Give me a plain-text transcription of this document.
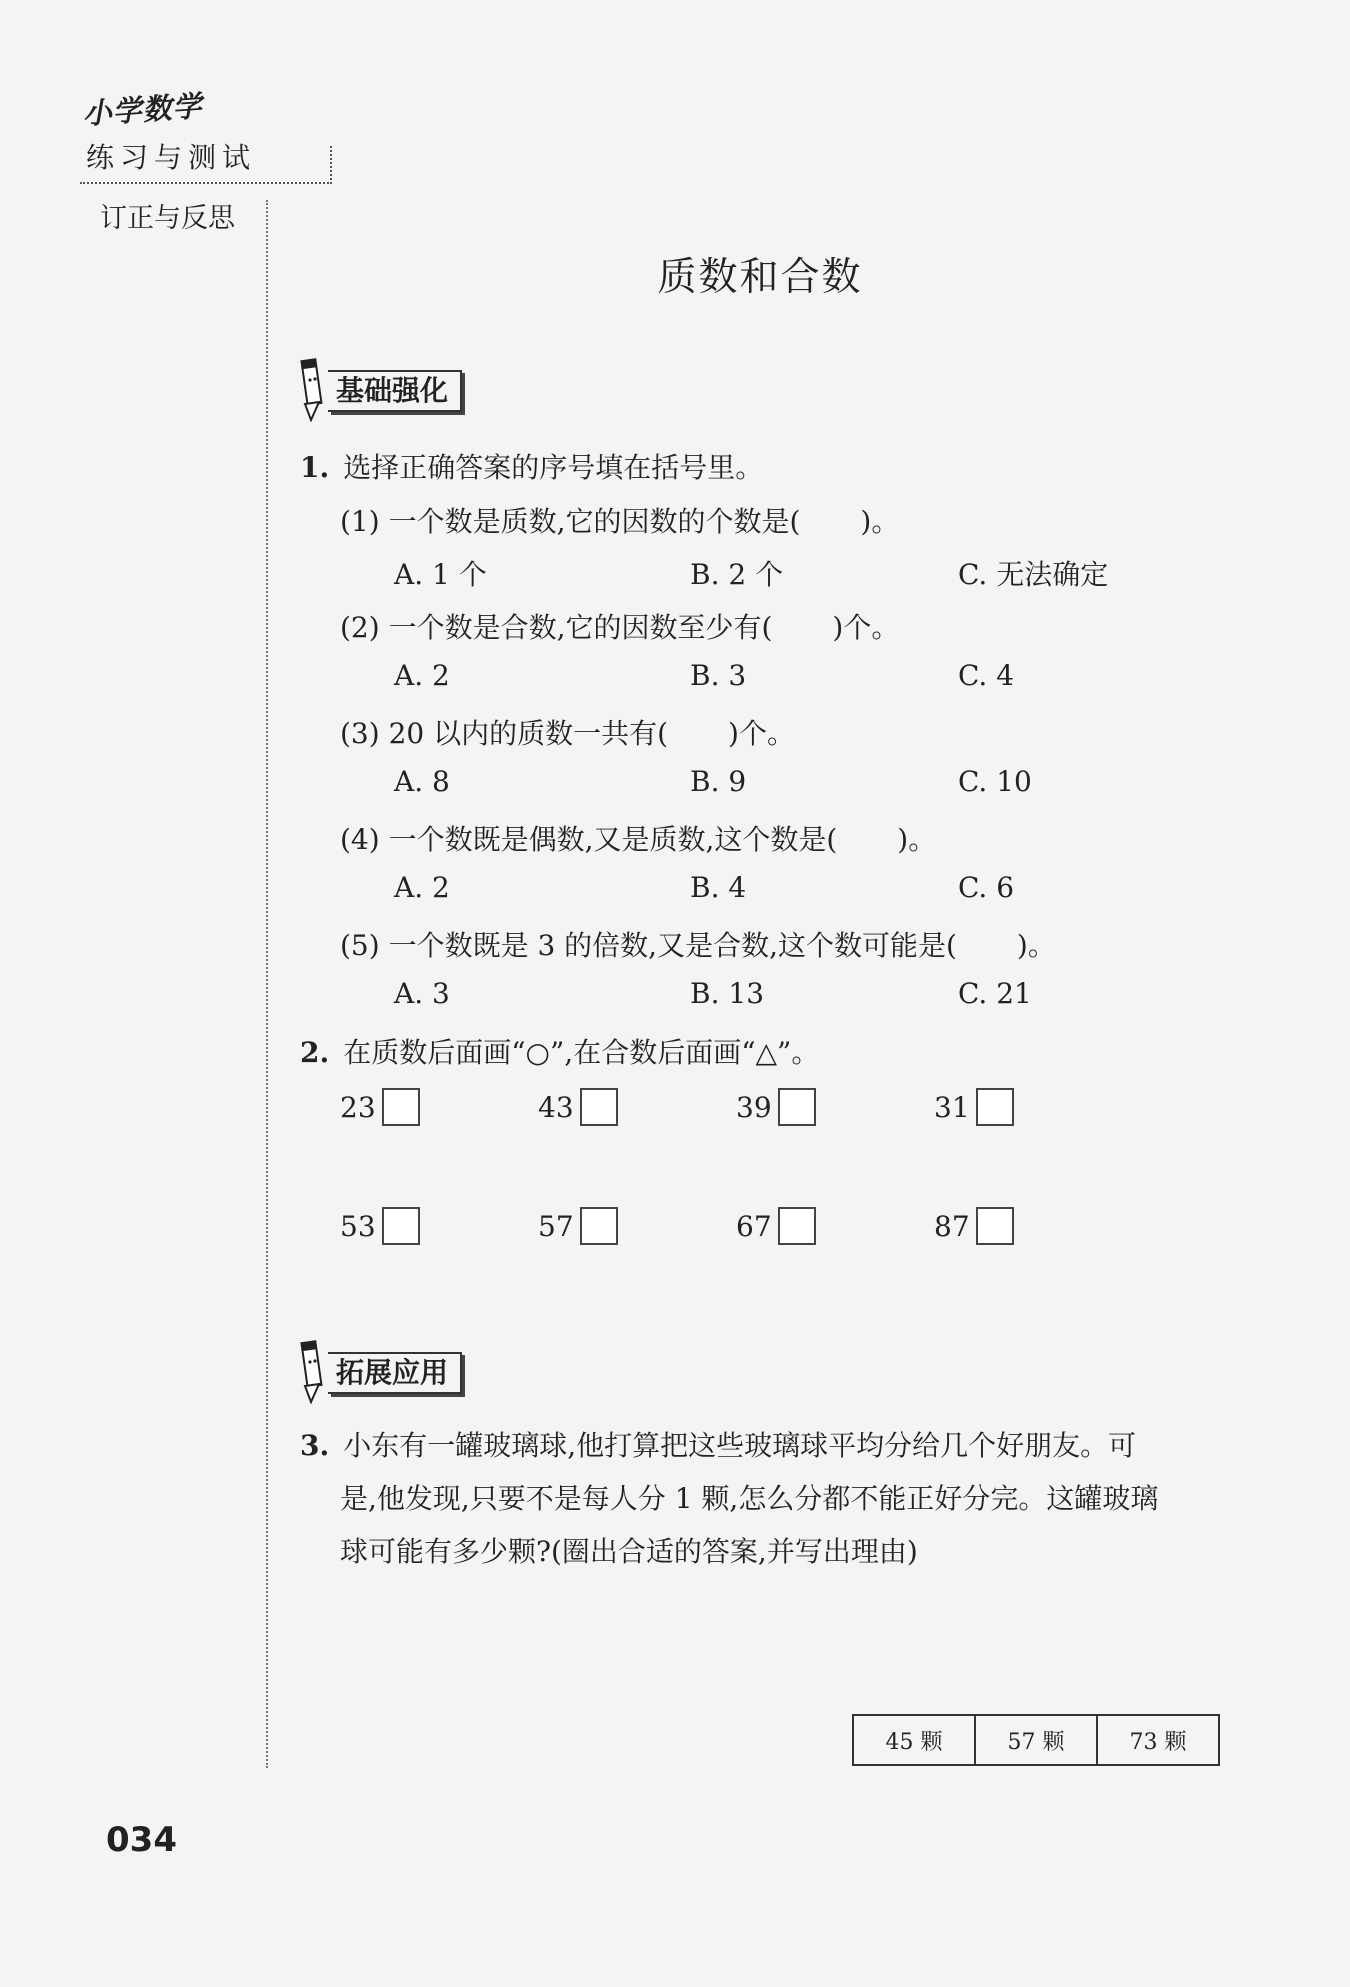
小学数学
练习与测试
订正与反思
质数和合数
基础强化
1. 选择正确答案的序号填在括号里。
(1) 一个数是质数,它的因数的个数是( )。
A. 1 个	B. 2 个	C. 无法确定
(2) 一个数是合数,它的因数至少有( )个。
A. 2	B. 3	C. 4
(3) 20 以内的质数一共有( )个。
A. 8	B. 9	C. 10
(4) 一个数既是偶数,又是质数,这个数是( )。
A. 2	B. 4	C. 6
(5) 一个数既是 3 的倍数,又是合数,这个数可能是( )。
A. 3	B. 13	C. 21
2. 在质数后面画“○”,在合数后面画“△”。
23	43	39	31
53	57	67	87
拓展应用
3. 小东有一罐玻璃球,他打算把这些玻璃球平均分给几个好朋友。可
是,他发现,只要不是每人分 1 颗,怎么分都不能正好分完。这罐玻璃
球可能有多少颗?(圈出合适的答案,并写出理由)
45 颗	57 颗	73 颗
034
